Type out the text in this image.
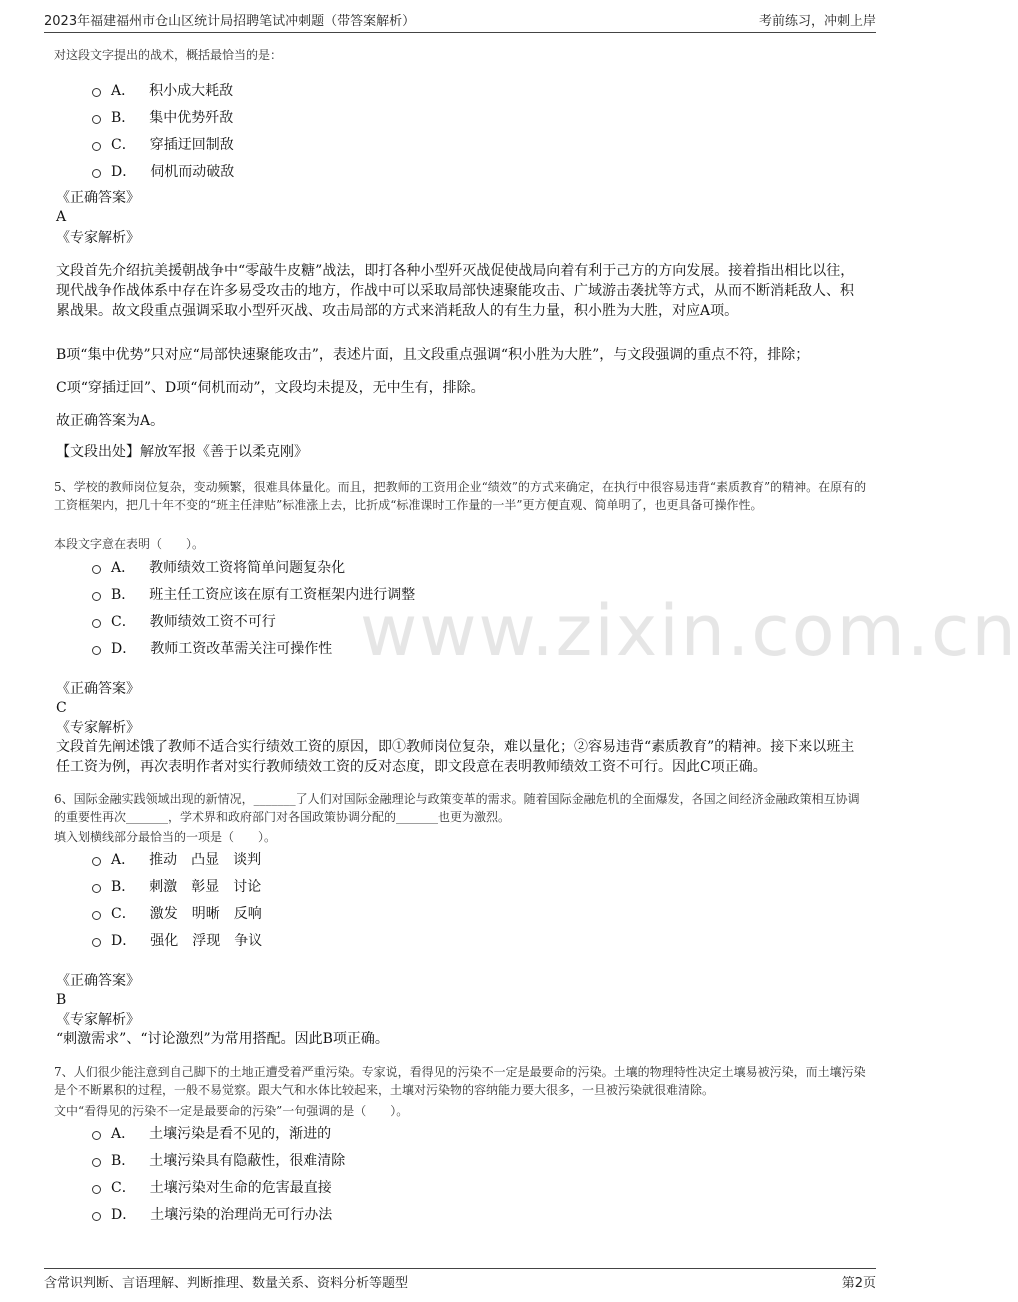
2023年福建福州市仓山区统计局招聘笔试冲刺题（带答案解析）	考前练习，冲刺上岸
www.zixin.com.cn
对这段文字提出的战术，概括最恰当的是：
A． 积小成大耗敌
B． 集中优势歼敌
C． 穿插迂回制敌
D． 伺机而动破敌
《正确答案》
A
《专家解析》
文段首先介绍抗美援朝战争中“零敲牛皮糖”战法，即打各种小型歼灭战促使战局向着有利于己方的方向发展。接着指出相比以往，现代战争作战体系中存在许多易受攻击的地方，作战中可以采取局部快速聚能攻击、广域游击袭扰等方式，从而不断消耗敌人、积累战果。故文段重点强调采取小型歼灭战、攻击局部的方式来消耗敌人的有生力量，积小胜为大胜，对应A项。
B项“集中优势”只对应“局部快速聚能攻击”，表述片面，且文段重点强调“积小胜为大胜”，与文段强调的重点不符，排除；
C项“穿插迂回”、D项“伺机而动”，文段均未提及，无中生有，排除。
故正确答案为A。
【文段出处】解放军报《善于以柔克刚》
5、学校的教师岗位复杂，变动频繁，很难具体量化。而且，把教师的工资用企业“绩效”的方式来确定，在执行中很容易违背“素质教育”的精神。在原有的工资框架内，把几十年不变的“班主任津贴”标准涨上去，比折成“标准课时工作量的一半”更方便直观、简单明了，也更具备可操作性。
本段文字意在表明（　　）。
A． 教师绩效工资将简单问题复杂化
B． 班主任工资应该在原有工资框架内进行调整
C． 教师绩效工资不可行
D． 教师工资改革需关注可操作性
《正确答案》
C
《专家解析》
文段首先阐述饿了教师不适合实行绩效工资的原因，即①教师岗位复杂，难以量化；②容易违背“素质教育”的精神。接下来以班主任工资为例，再次表明作者对实行教师绩效工资的反对态度，即文段意在表明教师绩效工资不可行。因此C项正确。
6、国际金融实践领域出现的新情况，_______了人们对国际金融理论与政策变革的需求。随着国际金融危机的全面爆发，各国之间经济金融政策相互协调的重要性再次_______，学术界和政府部门对各国政策协调分配的_______也更为激烈。
填入划横线部分最恰当的一项是（　　）。
A． 推动　凸显　谈判
B． 刺激　彰显　讨论
C． 激发　明晰　反响
D． 强化　浮现　争议
《正确答案》
B
《专家解析》
“刺激需求”、“讨论激烈”为常用搭配。因此B项正确。
7、人们很少能注意到自己脚下的土地正遭受着严重污染。专家说，看得见的污染不一定是最要命的污染。土壤的物理特性决定土壤易被污染，而土壤污染是个不断累积的过程，一般不易觉察。跟大气和水体比较起来，土壤对污染物的容纳能力要大很多，一旦被污染就很难清除。
文中“看得见的污染不一定是最要命的污染”一句强调的是（　　）。
A． 土壤污染是看不见的，渐进的
B． 土壤污染具有隐蔽性，很难清除
C． 土壤污染对生命的危害最直接
D． 土壤污染的治理尚无可行办法
含常识判断、言语理解、判断推理、数量关系、资料分析等题型	第2页
